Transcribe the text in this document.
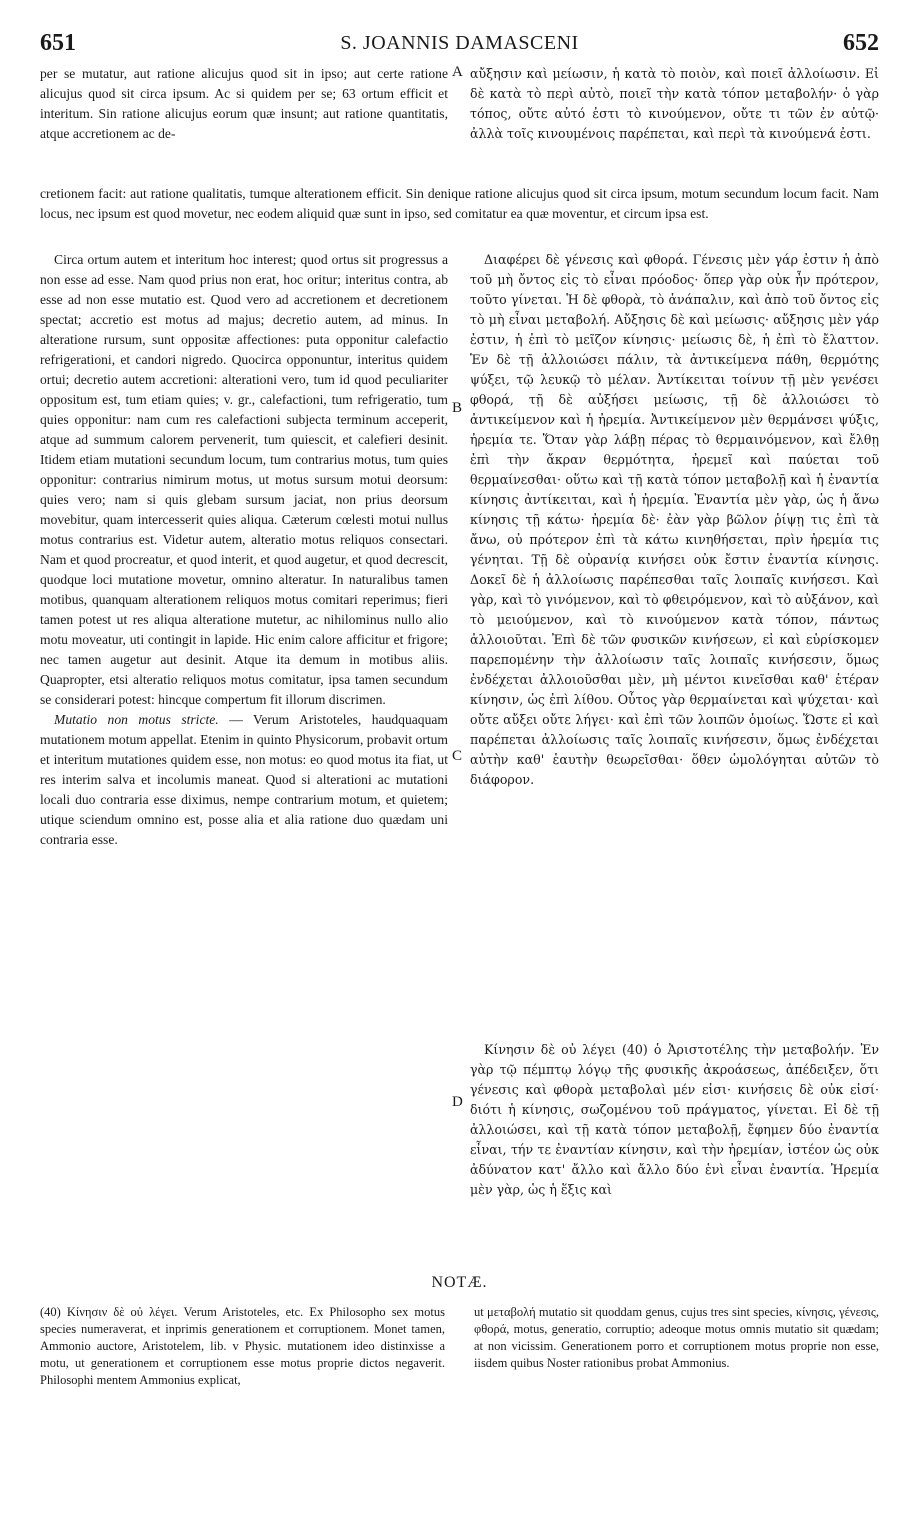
651	S. JOANNIS DAMASCENI	652

per se mutatur, aut ratione alicujus quod sit in ipso; aut certe ratione alicujus quod sit circa ipsum. Ac si quidem per se; 63 ortum efficit et interitum. Sin ratione alicujus eorum quæ insunt; aut ratione quantitatis, atque accretionem ac de-

A αὔξησιν καὶ μείωσιν, ἡ κατὰ τὸ ποιὸν, καὶ ποιεῖ ἀλλοίωσιν. Εἰ δὲ κατὰ τὸ περὶ αὐτὸ, ποιεῖ τὴν κατὰ τόπον μεταβολήν· ὁ γὰρ τόπος, οὔτε αὐτό ἐστι τὸ κινούμενον, οὔτε τι τῶν ἐν αὐτῷ· ἀλλὰ τοῖς κινουμένοις παρέπεται, καὶ περὶ τὰ κινούμενά ἐστι.

cretionem facit: aut ratione qualitatis, tumque alterationem efficit. Sin denique ratione alicujus quod sit circa ipsum, motum secundum locum facit. Nam locus, nec ipsum est quod movetur, nec eodem aliquid quæ sunt in ipso, sed comitatur ea quæ moventur, et circum ipsa est.

Circa ortum autem et interitum hoc interest; quod ortus sit progressus a non esse ad esse. Nam quod prius non erat, hoc oritur; interitus contra, ab esse ad non esse mutatio est. Quod vero ad accretionem et decretionem spectat; accretio est motus ad majus; decretio autem, ad minus. In alteratione rursum, sunt oppositæ affectiones: puta opponitur calefactio refrigerationi, et candori nigredo. Quocirca opponuntur, interitus quidem ortui; decretio autem accretioni: alterationi vero, tum id quod peculiariter oppositum est, tum etiam quies; v. gr., calefactioni, tum refrigeratio, tum quies opponitur: nam cum res calefactioni subjecta terminum acceperit, atque ad summum calorem pervenerit, tum quiescit, et calefieri desinit. Itidem etiam mutationi secundum locum, tum contrarius motus, tum quies opponitur: contrarius nimirum motus, ut motus sursum motui deorsum: quies vero; nam si quis glebam sursum jaciat, non prius deorsum movebitur, quam intercesserit quies aliqua. Cæterum cœlesti motui nullus motus contrarius est. Videtur autem, alteratio motus reliquos consectari. Nam et quod procreatur, et quod interit, et quod augetur, et quod decrescit, quodque loci mutatione movetur, omnino alteratur. In naturalibus tamen motibus, quanquam alterationem reliquos motus comitari reperimus; fieri tamen potest ut res aliqua alteratione mutetur, ac nihilominus nullo alio motu moveatur, uti contingit in lapide. Hic enim calore afficitur et frigore; nec tamen augetur aut desinit. Atque ita demum in motibus aliis. Quapropter, etsi alteratio reliquos motus comitatur, ipsa tamen secundum se considerari potest: hincque compertum fit illorum discrimen.

Mutatio non motus stricte. — Verum Aristoteles, haudquaquam mutationem motum appellat. Etenim in quinto Physicorum, probavit ortum et interitum mutationes quidem esse, non motus: eo quod motus ita fiat, ut res interim salva et incolumis maneat. Quod si alterationi ac mutationi locali duo contraria esse diximus, nempe contrarium motum, et quietem; utique sciendum omnino est, posse alia et alia ratione duo quædam uni contraria esse.

B
C
D

Διαφέρει δὲ γένεσις καὶ φθορά. Γένεσις μὲν γάρ ἐστιν ἡ ἀπὸ τοῦ μὴ ὄντος εἰς τὸ εἶναι πρόοδος· ὅπερ γὰρ οὐκ ἦν πρότερον, τοῦτο γίνεται. Ἡ δὲ φθορὰ, τὸ ἀνάπαλιν, καὶ ἀπὸ τοῦ ὄντος εἰς τὸ μὴ εἶναι μεταβολή. Αὔξησις δὲ καὶ μείωσις· αὔξησις μὲν γάρ ἐστιν, ἡ ἐπὶ τὸ μεῖζον κίνησις· μείωσις δὲ, ἡ ἐπὶ τὸ ἔλαττον. Ἐν δὲ τῇ ἀλλοιώσει πάλιν, τὰ ἀντικείμενα πάθη, θερμότης ψύξει, τῷ λευκῷ τὸ μέλαν. Ἀντίκειται τοίνυν τῇ μὲν γενέσει φθορά, τῇ δὲ αὐξήσει μείωσις, τῇ δὲ ἀλλοιώσει τὸ ἀντικείμενον καὶ ἡ ἠρεμία. Ἀντικείμενον μὲν θερμάνσει ψύξις, ἠρεμία τε. Ὅταν γὰρ λάβῃ πέρας τὸ θερμαινόμενον, καὶ ἔλθῃ ἐπὶ τὴν ἄκραν θερμότητα, ἠρεμεῖ καὶ παύεται τοῦ θερμαίνεσθαι· οὕτω καὶ τῇ κατὰ τόπον μεταβολῇ καὶ ἡ ἐναντία κίνησις ἀντίκειται, καὶ ἡ ἠρεμία. Ἐναντία μὲν γὰρ, ὡς ἡ ἄνω κίνησις τῇ κάτω· ἠρεμία δὲ· ἐὰν γὰρ βῶλον ῥίψῃ τις ἐπὶ τὰ ἄνω, οὐ πρότερον ἐπὶ τὰ κάτω κινηθήσεται, πρὶν ἠρεμία τις γένηται. Τῇ δὲ οὐρανίᾳ κινήσει οὐκ ἔστιν ἐναντία κίνησις. Δοκεῖ δὲ ἡ ἀλλοίωσις παρέπεσθαι ταῖς λοιπαῖς κινήσεσι. Καὶ γὰρ, καὶ τὸ γινόμενον, καὶ τὸ φθειρόμενον, καὶ τὸ αὐξάνον, καὶ τὸ μειούμενον, καὶ τὸ κινούμενον κατὰ τόπον, πάντως ἀλλοιοῦται. Ἐπὶ δὲ τῶν φυσικῶν κινήσεων, εἰ καὶ εὑρίσκομεν παρεπομένην τὴν ἀλλοίωσιν ταῖς λοιπαῖς κινήσεσιν, ὅμως ἐνδέχεται ἀλλοιοῦσθαι μὲν, μὴ μέντοι κινεῖσθαι καθ' ἑτέραν κίνησιν, ὡς ἐπὶ λίθου. Οὗτος γὰρ θερμαίνεται καὶ ψύχεται· καὶ οὔτε αὔξει οὔτε λήγει· καὶ ἐπὶ τῶν λοιπῶν ὁμοίως. Ὥστε εἰ καὶ παρέπεται ἀλλοίωσις ταῖς λοιπαῖς κινήσεσιν, ὅμως ἐνδέχεται αὐτὴν καθ' ἑαυτὴν θεωρεῖσθαι· ὅθεν ὡμολόγηται αὐτῶν τὸ διάφορον.

Κίνησιν δὲ οὐ λέγει (40) ὁ Ἀριστοτέλης τὴν μεταβολήν. Ἐν γὰρ τῷ πέμπτῳ λόγῳ τῆς φυσικῆς ἀκροάσεως, ἀπέδειξεν, ὅτι γένεσις καὶ φθορὰ μεταβολαὶ μέν εἰσι· κινήσεις δὲ οὐκ εἰσί· διότι ἡ κίνησις, σωζομένου τοῦ πράγματος, γίνεται. Εἰ δὲ τῇ ἀλλοιώσει, καὶ τῇ κατὰ τόπον μεταβολῇ, ἔφημεν δύο ἐναντία εἶναι, τήν τε ἐναντίαν κίνησιν, καὶ τὴν ἠρεμίαν, ἰστέον ὡς οὐκ ἀδύνατον κατ' ἄλλο καὶ ἄλλο δύο ἑνὶ εἶναι ἐναντία. Ἠρεμία μὲν γὰρ, ὡς ἡ ἕξις καὶ

NOTÆ.

(40) Κίνησιν δὲ οὐ λέγει. Verum Aristoteles, etc. Ex Philosopho sex motus species numeraverat, et inprimis generationem et corruptionem. Monet tamen, Ammonio auctore, Aristotelem, lib. v Physic. mutationem ideo distinxisse a motu, ut generationem et corruptionem esse motus proprie dictos negaverit. Philosophi mentem Ammonius explicat,

ut μεταβολή mutatio sit quoddam genus, cujus tres sint species, κίνησις, γένεσις, φθορά, motus, generatio, corruptio; adeoque motus omnis mutatio sit quædam; at non vicissim. Generationem porro et corruptionem motus proprie non esse, iisdem quibus Noster rationibus probat Ammonius.
